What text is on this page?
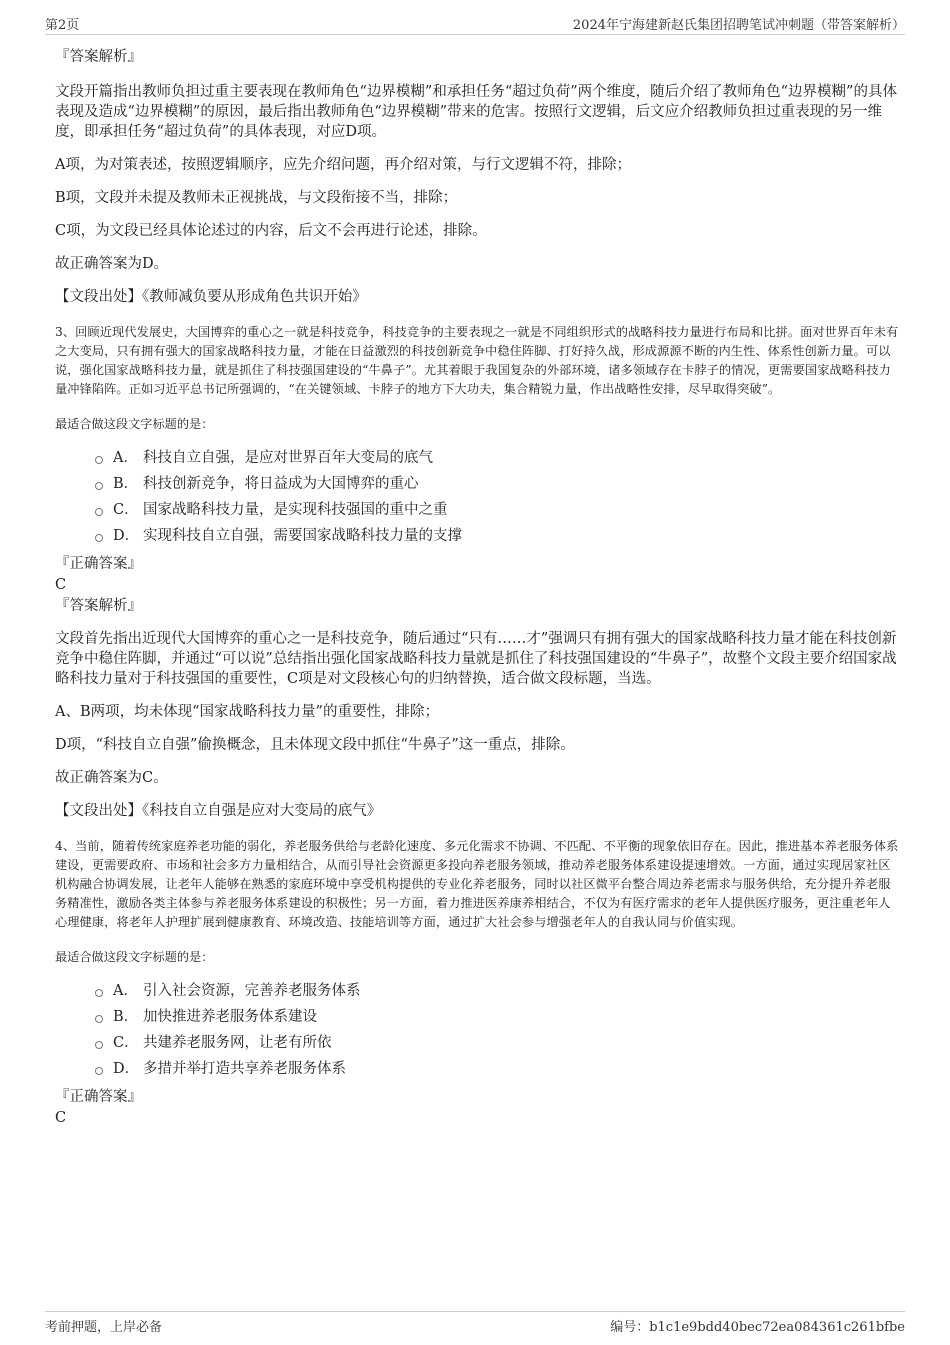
第2页	2024年宁海建新赵氏集团招聘笔试冲刺题（带答案解析）

『答案解析』

文段开篇指出教师负担过重主要表现在教师角色“边界模糊”和承担任务“超过负荷”两个维度，随后介绍了教师角色“边界模糊”的具体表现及造成“边界模糊”的原因，最后指出教师角色“边界模糊”带来的危害。按照行文逻辑，后文应介绍教师负担过重表现的另一维度，即承担任务“超过负荷”的具体表现，对应D项。

A项，为对策表述，按照逻辑顺序，应先介绍问题，再介绍对策，与行文逻辑不符，排除；

B项，文段并未提及教师未正视挑战，与文段衔接不当，排除；

C项，为文段已经具体论述过的内容，后文不会再进行论述，排除。

故正确答案为D。

【文段出处】《教师减负要从形成角色共识开始》

3、回顾近现代发展史，大国博弈的重心之一就是科技竞争，科技竞争的主要表现之一就是不同组织形式的战略科技力量进行布局和比拼。面对世界百年未有之大变局，只有拥有强大的国家战略科技力量，才能在日益激烈的科技创新竞争中稳住阵脚、打好持久战，形成源源不断的内生性、体系性创新力量。可以说，强化国家战略科技力量，就是抓住了科技强国建设的“牛鼻子”。尤其着眼于我国复杂的外部环境，诸多领域存在卡脖子的情况，更需要国家战略科技力量冲锋陷阵。正如习近平总书记所强调的，“在关键领域、卡脖子的地方下大功夫，集合精锐力量，作出战略性安排，尽早取得突破”。

最适合做这段文字标题的是：

A． 科技自立自强，是应对世界百年大变局的底气
B． 科技创新竞争，将日益成为大国博弈的重心
C． 国家战略科技力量，是实现科技强国的重中之重
D． 实现科技自立自强，需要国家战略科技力量的支撑

『正确答案』

C

『答案解析』

文段首先指出近现代大国博弈的重心之一是科技竞争，随后通过“只有……才”强调只有拥有强大的国家战略科技力量才能在科技创新竞争中稳住阵脚，并通过“可以说”总结指出强化国家战略科技力量就是抓住了科技强国建设的“牛鼻子”，故整个文段主要介绍国家战略科技力量对于科技强国的重要性，C项是对文段核心句的归纳替换，适合做文段标题，当选。

A、B两项，均未体现“国家战略科技力量”的重要性，排除；

D项，“科技自立自强”偷换概念，且未体现文段中抓住“牛鼻子”这一重点，排除。

故正确答案为C。

【文段出处】《科技自立自强是应对大变局的底气》

4、当前，随着传统家庭养老功能的弱化，养老服务供给与老龄化速度、多元化需求不协调、不匹配、不平衡的现象依旧存在。因此，推进基本养老服务体系建设，更需要政府、市场和社会多方力量相结合，从而引导社会资源更多投向养老服务领域，推动养老服务体系建设提速增效。一方面，通过实现居家社区机构融合协调发展，让老年人能够在熟悉的家庭环境中享受机构提供的专业化养老服务，同时以社区微平台整合周边养老需求与服务供给，充分提升养老服务精准性，激励各类主体参与养老服务体系建设的积极性；另一方面，着力推进医养康养相结合，不仅为有医疗需求的老年人提供医疗服务，更注重老年人心理健康，将老年人护理扩展到健康教育、环境改造、技能培训等方面，通过扩大社会参与增强老年人的自我认同与价值实现。

最适合做这段文字标题的是：

A． 引入社会资源，完善养老服务体系
B． 加快推进养老服务体系建设
C． 共建养老服务网，让老有所依
D． 多措并举打造共享养老服务体系

『正确答案』

C

考前押题，上岸必备	编号：b1c1e9bdd40bec72ea084361c261bfbe
